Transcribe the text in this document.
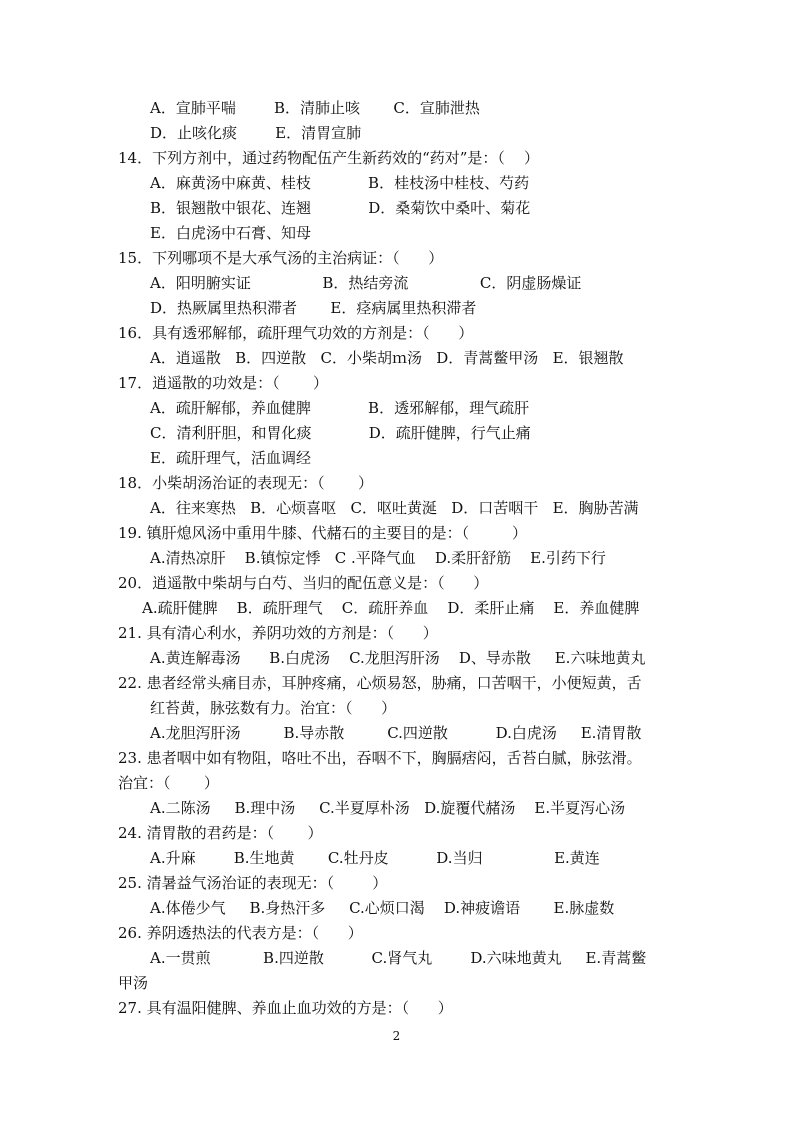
A．宣肺平喘        B．清肺止咳       C．宣肺泄热
D．止咳化痰        E．清胃宣肺
14．下列方剂中，通过药物配伍产生新药效的“药对”是：（    ）
A．麻黄汤中麻黄、桂枝            B．桂枝汤中桂枝、芍药
B．银翘散中银花、连翘            D．桑菊饮中桑叶、菊花
E．白虎汤中石膏、知母
15．下列哪项不是大承气汤的主治病证：（      ）
A．阳明腑实证               B．热结旁流               C．阴虚肠燥证
D．热厥属里热积滞者       E．痉病属里热积滞者
16．具有透邪解郁，疏肝理气功效的方剂是：（      ）
A．逍遥散   B．四逆散   C．小柴胡ｍ汤   D．青蒿鳖甲汤   E．银翘散
17．逍遥散的功效是：（       ）
A．疏肝解郁，养血健脾            B．透邪解郁，理气疏肝
C．清利肝胆，和胃化痰            D．疏肝健脾，行气止痛
E．疏肝理气，活血调经
18．小柴胡汤治证的表现无：（       ）
A．往来寒热   B．心烦喜呕   C．呕吐黄涎   D．口苦咽干   E．胸胁苦满
19. 镇肝熄风汤中重用牛膝、代赭石的主要目的是：（         ）
A.清热凉肝    B.镇惊定悸   C .平降气血    D.柔肝舒筋    E.引药下行
20．逍遥散中柴胡与白芍、当归的配伍意义是：（      ）
A.疏肝健脾    B．疏肝理气    C．疏肝养血    D．柔肝止痛    E．养血健脾
21. 具有清心利水，养阴功效的方剂是：（      ）
A.黄连解毒汤      B.白虎汤    C.龙胆泻肝汤    D、导赤散     E.六味地黄丸
22. 患者经常头痛目赤，耳肿疼痛，心烦易怒，胁痛，口苦咽干，小便短黄，舌
红苔黄，脉弦数有力。治宜：（      ）
A.龙胆泻肝汤         B.导赤散         C.四逆散          D.白虎汤     E.清胃散
23. 患者咽中如有物阻，咯吐不出，吞咽不下，胸膈痞闷，舌苔白腻，脉弦滑。
治宜：（       ）
A.二陈汤     B.理中汤     C.半夏厚朴汤   D.旋覆代赭汤    E.半夏泻心汤
24. 清胃散的君药是：（       ）
A.升麻        B.生地黄       C.牡丹皮          D.当归               E.黄连
25. 清暑益气汤治证的表现无：（        ）
A.体倦少气     B.身热汗多     C.心烦口渴    D.神疲谵语       E.脉虚数
26. 养阴透热法的代表方是：（      ）
A.一贯煎           B.四逆散          C.肾气丸        D.六味地黄丸     E.青蒿鳖
甲汤
27. 具有温阳健脾、养血止血功效的方是：（      ）
2
